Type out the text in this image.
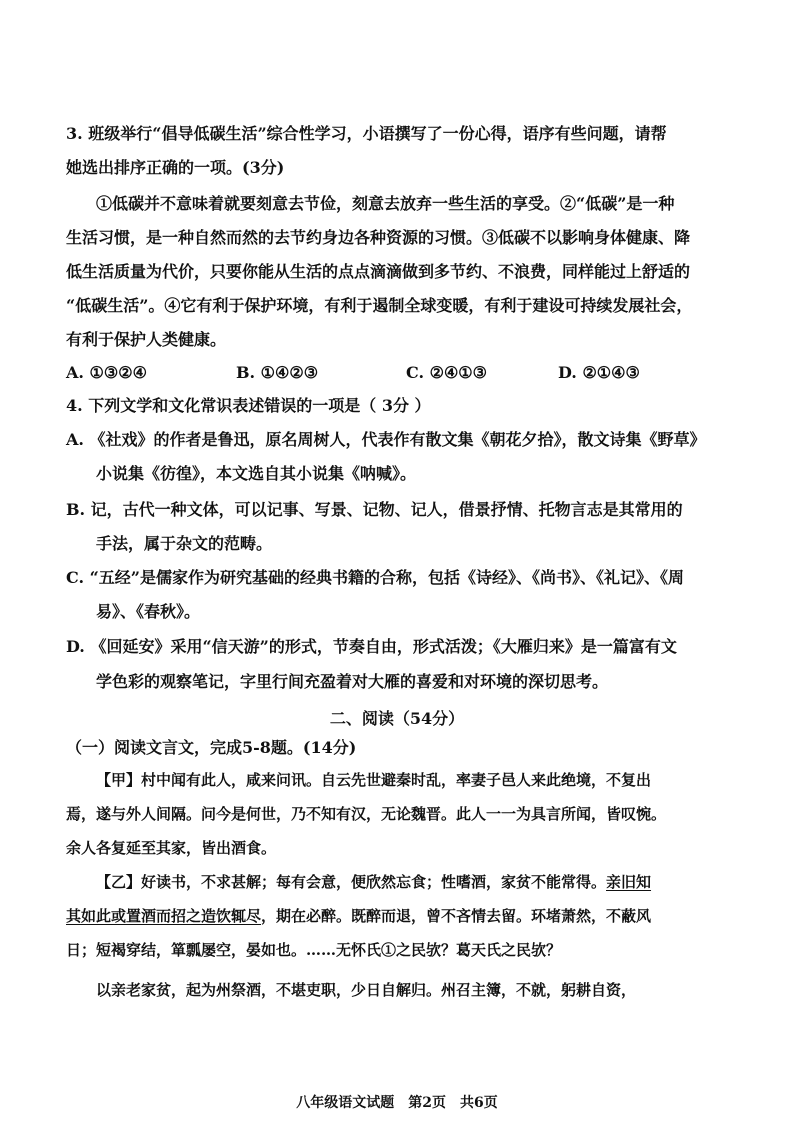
3. 班级举行“倡导低碳生活”综合性学习，小语撰写了一份心得，语序有些问题，请帮
她选出排序正确的一项。(3分)
①低碳并不意味着就要刻意去节俭，刻意去放弃一些生活的享受。②“低碳”是一种
生活习惯，是一种自然而然的去节约身边各种资源的习惯。③低碳不以影响身体健康、降
低生活质量为代价，只要你能从生活的点点滴滴做到多节约、不浪费，同样能过上舒适的
“低碳生活”。④它有利于保护环境，有利于遏制全球变暖，有利于建设可持续发展社会，
有利于保护人类健康。
A. ①③②④	B. ①④②③	C. ②④①③	D. ②①④③
4. 下列文学和文化常识表述错误的一项是（ 3分 ）
A. 《社戏》的作者是鲁迅，原名周树人，代表作有散文集《朝花夕拾》，散文诗集《野草》
小说集《彷徨》，本文选自其小说集《呐喊》。
B. 记，古代一种文体，可以记事、写景、记物、记人，借景抒情、托物言志是其常用的
手法，属于杂文的范畴。
C. “五经”是儒家作为研究基础的经典书籍的合称，包括《诗经》、《尚书》、《礼记》、《周
易》、《春秋》。
D. 《回延安》采用“信天游”的形式，节奏自由，形式活泼；《大雁归来》是一篇富有文
学色彩的观察笔记，字里行间充盈着对大雁的喜爱和对环境的深切思考。
二、阅读（54分）
（一）阅读文言文，完成5-8题。(14分)
【甲】村中闻有此人，咸来问讯。自云先世避秦时乱，率妻子邑人来此绝境，不复出
焉，遂与外人间隔。问今是何世，乃不知有汉，无论魏晋。此人一一为具言所闻，皆叹惋。
余人各复延至其家，皆出酒食。
【乙】好读书，不求甚解；每有会意，便欣然忘食；性嗜酒，家贫不能常得。亲旧知
其如此或置酒而招之造饮辄尽，期在必醉。既醉而退，曾不吝情去留。环堵萧然，不蔽风
日；短褐穿结，箪瓢屡空，晏如也。……无怀氏①之民欤？葛天氏之民欤？
以亲老家贫，起为州祭酒，不堪吏职，少日自解归。州召主簿，不就，躬耕自资，
八年级语文试题　第2页　共6页
